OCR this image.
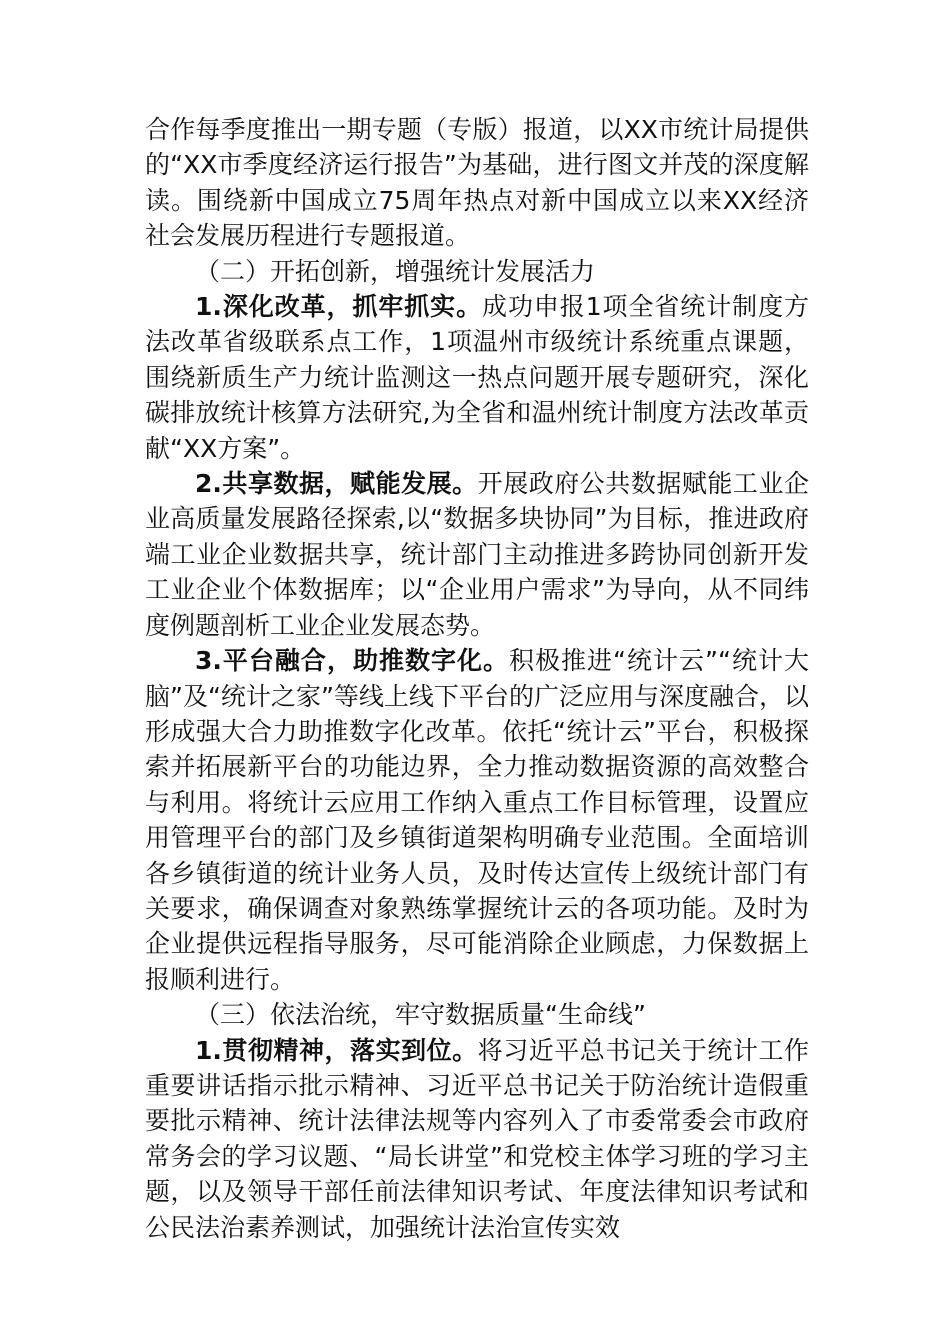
合作每季度推出一期专题（专版）报道，以XX市统计局提供的“XX市季度经济运行报告”为基础，进行图文并茂的深度解读。围绕新中国成立75周年热点对新中国成立以来XX经济社会发展历程进行专题报道。

（二）开拓创新，增强统计发展活力

1.深化改革，抓牢抓实。成功申报1项全省统计制度方法改革省级联系点工作，1项温州市级统计系统重点课题，围绕新质生产力统计监测这一热点问题开展专题研究，深化碳排放统计核算方法研究,为全省和温州统计制度方法改革贡献“XX方案”。

2.共享数据，赋能发展。开展政府公共数据赋能工业企业高质量发展路径探索,以“数据多块协同”为目标，推进政府端工业企业数据共享，统计部门主动推进多跨协同创新开发工业企业个体数据库；以“企业用户需求”为导向，从不同纬度例题剖析工业企业发展态势。

3.平台融合，助推数字化。积极推进“统计云”“统计大脑”及“统计之家”等线上线下平台的广泛应用与深度融合，以形成强大合力助推数字化改革。依托“统计云”平台，积极探索并拓展新平台的功能边界，全力推动数据资源的高效整合与利用。将统计云应用工作纳入重点工作目标管理，设置应用管理平台的部门及乡镇街道架构明确专业范围。全面培训各乡镇街道的统计业务人员，及时传达宣传上级统计部门有关要求，确保调查对象熟练掌握统计云的各项功能。及时为企业提供远程指导服务，尽可能消除企业顾虑，力保数据上报顺利进行。

（三）依法治统，牢守数据质量“生命线”

1.贯彻精神，落实到位。将习近平总书记关于统计工作重要讲话指示批示精神、习近平总书记关于防治统计造假重要批示精神、统计法律法规等内容列入了市委常委会市政府常务会的学习议题、“局长讲堂”和党校主体学习班的学习主题，以及领导干部任前法律知识考试、年度法律知识考试和公民法治素养测试，加强统计法治宣传实效
